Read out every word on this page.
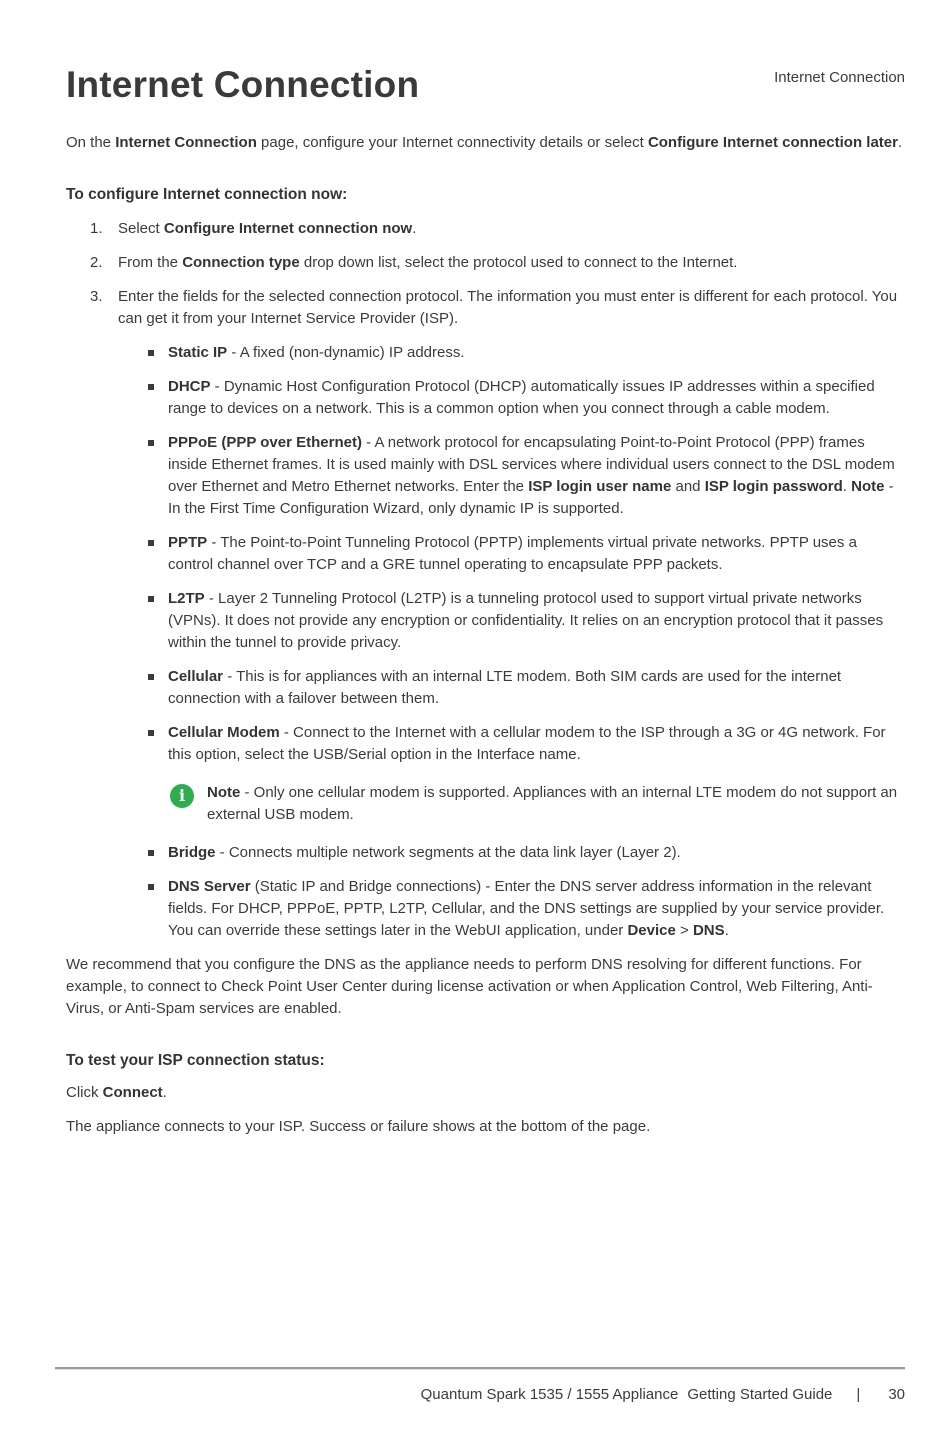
Internet Connection
Internet Connection

On the Internet Connection page, configure your Internet connectivity details or select Configure Internet connection later.

To configure Internet connection now:
1.	Select Configure Internet connection now.
2.	From the Connection type drop down list, select the protocol used to connect to the Internet.
3.	Enter the fields for the selected connection protocol. The information you must enter is different for each protocol. You can get it from your Internet Service Provider (ISP).
Static IP - A fixed (non-dynamic) IP address.
DHCP - Dynamic Host Configuration Protocol (DHCP) automatically issues IP addresses within a specified range to devices on a network. This is a common option when you connect through a cable modem.
PPPoE (PPP over Ethernet) - A network protocol for encapsulating Point-to-Point Protocol (PPP) frames inside Ethernet frames. It is used mainly with DSL services where individual users connect to the DSL modem over Ethernet and Metro Ethernet networks. Enter the ISP login user name and ISP login password. Note - In the First Time Configuration Wizard, only dynamic IP is supported.
PPTP - The Point-to-Point Tunneling Protocol (PPTP) implements virtual private networks. PPTP uses a control channel over TCP and a GRE tunnel operating to encapsulate PPP packets.
L2TP - Layer 2 Tunneling Protocol (L2TP) is a tunneling protocol used to support virtual private networks (VPNs). It does not provide any encryption or confidentiality. It relies on an encryption protocol that it passes within the tunnel to provide privacy.
Cellular - This is for appliances with an internal LTE modem. Both SIM cards are used for the internet connection with a failover between them.
Cellular Modem - Connect to the Internet with a cellular modem to the ISP through a 3G or 4G network. For this option, select the USB/Serial option in the Interface name.
i	Note - Only one cellular modem is supported. Appliances with an internal LTE modem do not support an external USB modem.
Bridge - Connects multiple network segments at the data link layer (Layer 2).
DNS Server (Static IP and Bridge connections) - Enter the DNS server address information in the relevant fields. For DHCP, PPPoE, PPTP, L2TP, Cellular, and the DNS settings are supplied by your service provider. You can override these settings later in the WebUI application, under Device > DNS.

We recommend that you configure the DNS as the appliance needs to perform DNS resolving for different functions. For example, to connect to Check Point User Center during license activation or when Application Control, Web Filtering, Anti-Virus, or Anti-Spam services are enabled.

To test your ISP connection status:

Click Connect.

The appliance connects to your ISP. Success or failure shows at the bottom of the page.

Quantum Spark 1535 / 1555 Appliance Getting Started Guide | 30
